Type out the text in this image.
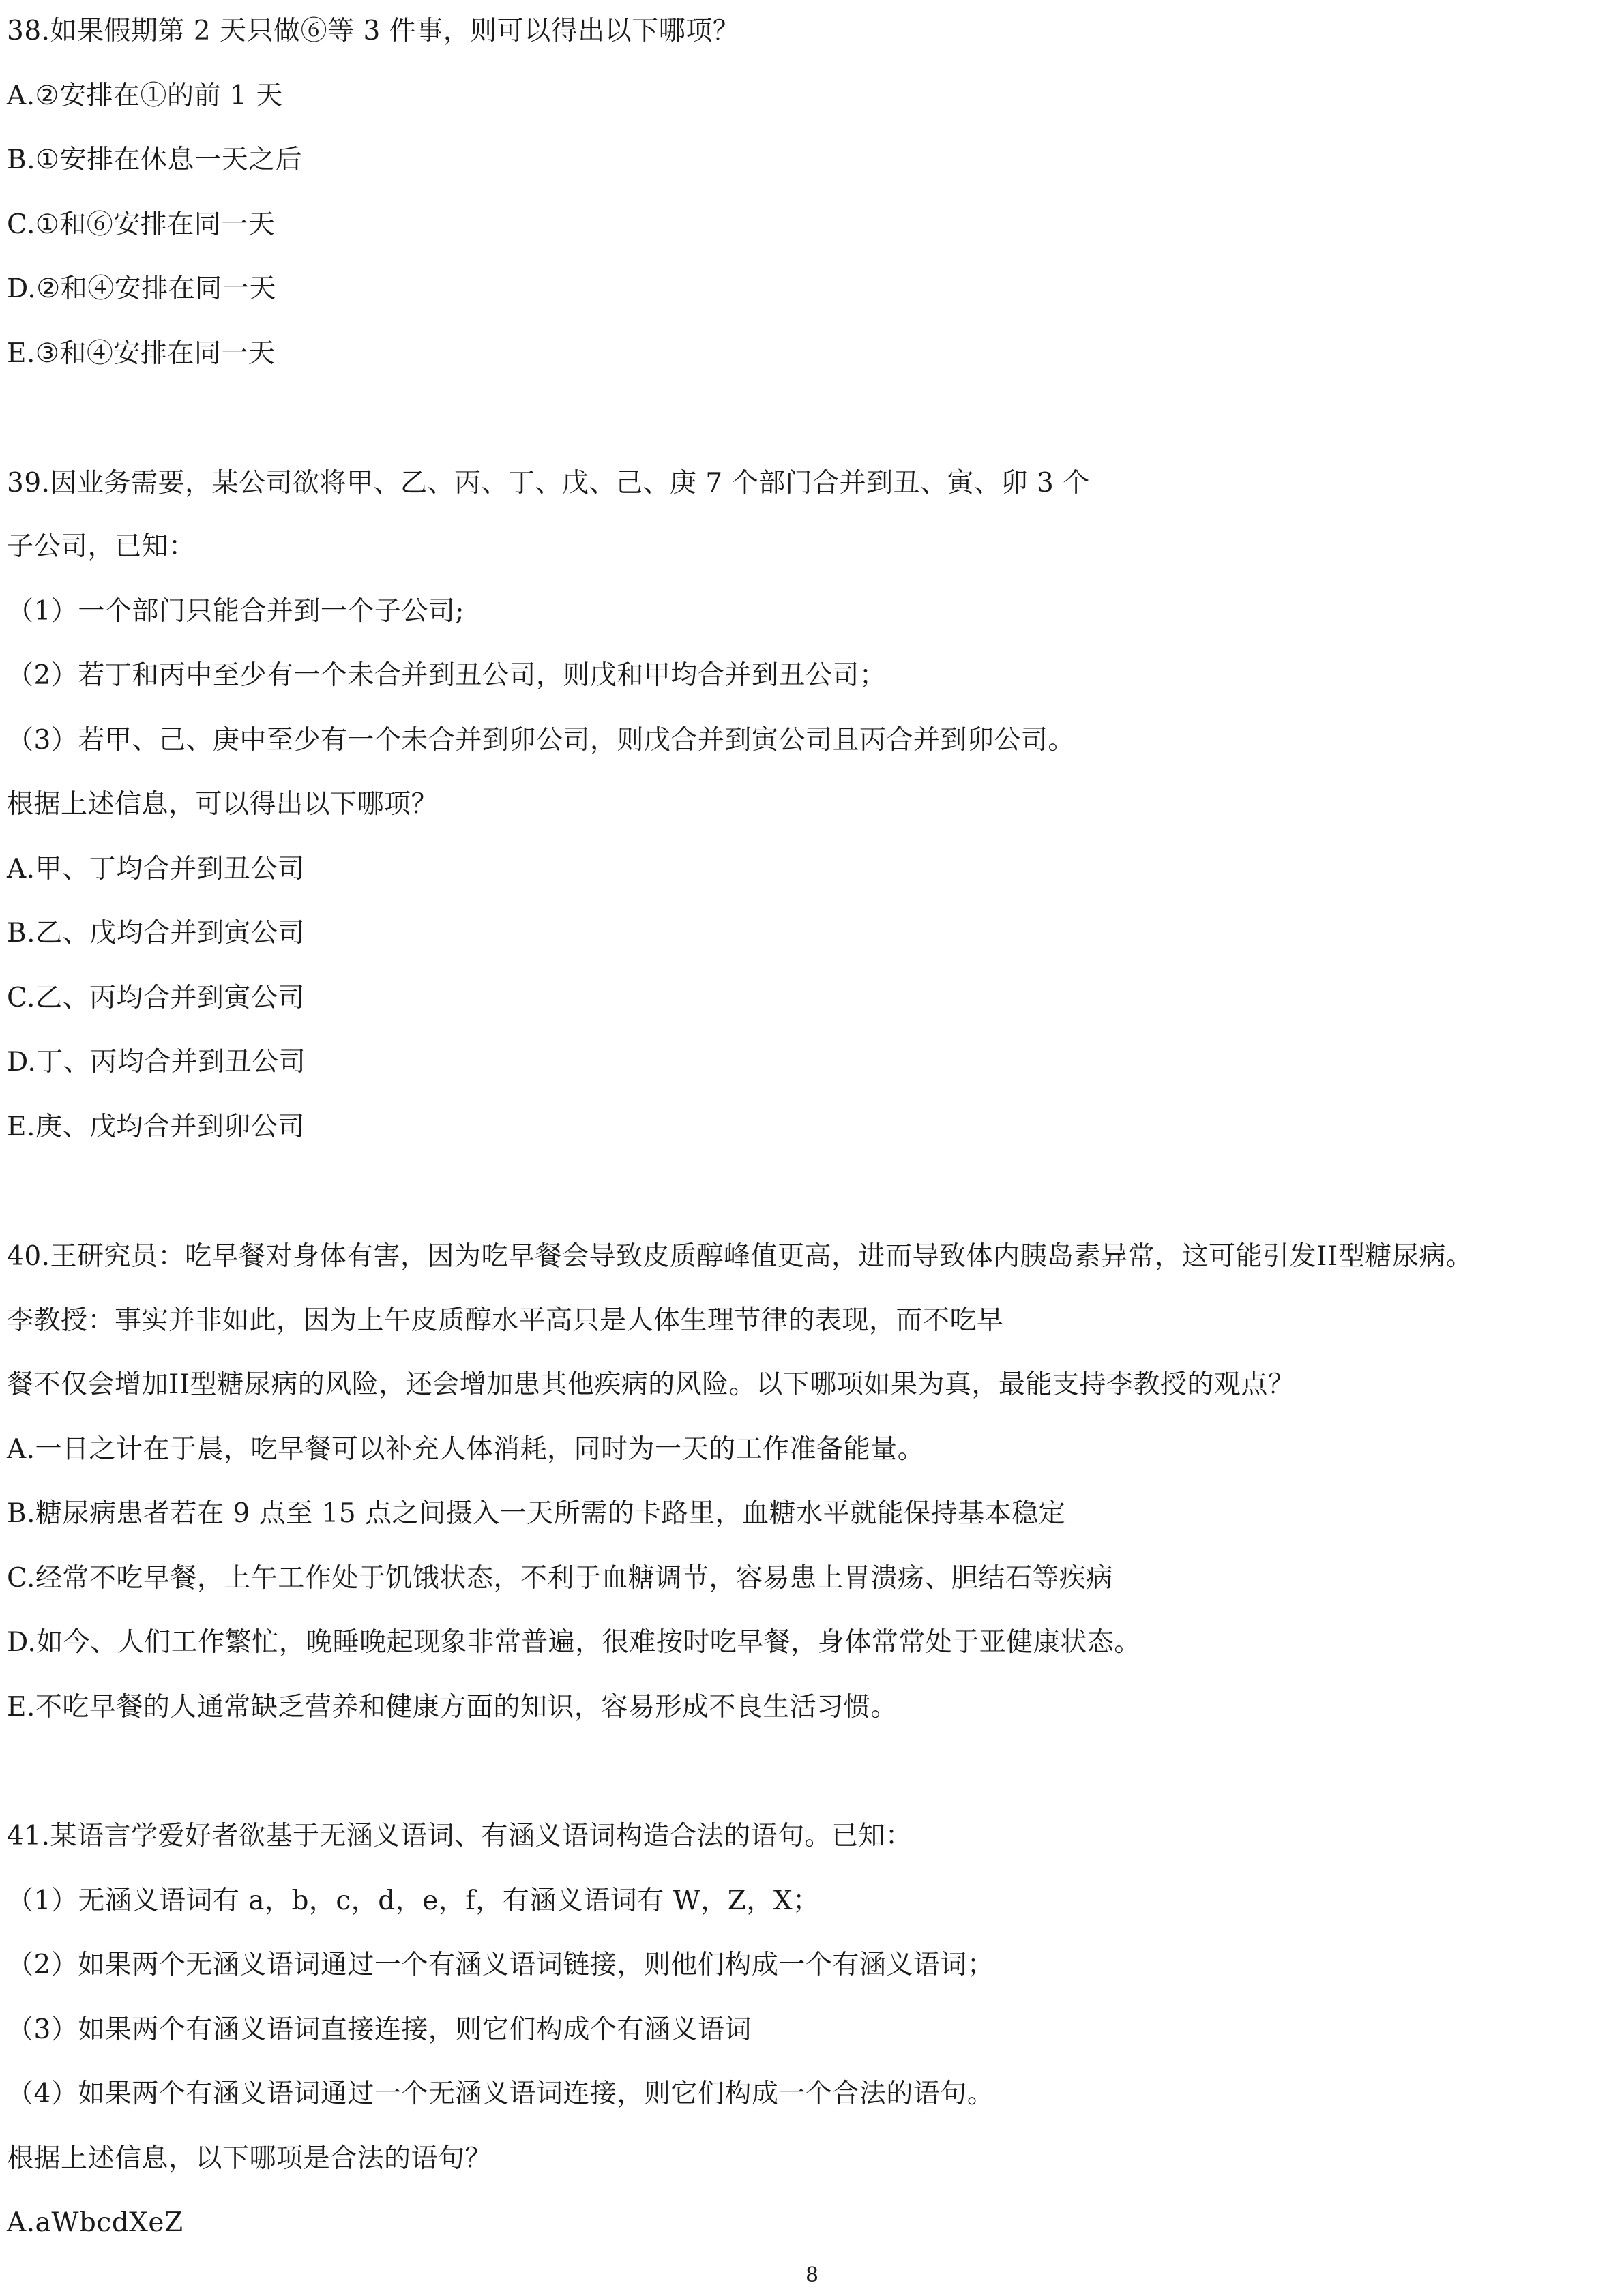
38.如果假期第 2 天只做⑥等 3 件事，则可以得出以下哪项？
A.②安排在①的前 1 天
B.①安排在休息一天之后
C.①和⑥安排在同一天
D.②和④安排在同一天
E.③和④安排在同一天
39.因业务需要，某公司欲将甲、乙、丙、丁、戊、己、庚 7 个部门合并到丑、寅、卯 3 个
子公司，已知：
（1）一个部门只能合并到一个子公司;
（2）若丁和丙中至少有一个未合并到丑公司，则戊和甲均合并到丑公司；
（3）若甲、己、庚中至少有一个未合并到卯公司，则戊合并到寅公司且丙合并到卯公司。
根据上述信息，可以得出以下哪项？
A.甲、丁均合并到丑公司
B.乙、戊均合并到寅公司
C.乙、丙均合并到寅公司
D.丁、丙均合并到丑公司
E.庚、戊均合并到卯公司
40.王研究员：吃早餐对身体有害，因为吃早餐会导致皮质醇峰值更高，进而导致体内胰岛素异常，这可能引发II型糖尿病。
李教授：事实并非如此，因为上午皮质醇水平高只是人体生理节律的表现，而不吃早
餐不仅会增加II型糖尿病的风险，还会增加患其他疾病的风险。以下哪项如果为真，最能支持李教授的观点？
A.一日之计在于晨，吃早餐可以补充人体消耗，同时为一天的工作准备能量。
B.糖尿病患者若在 9 点至 15 点之间摄入一天所需的卡路里，血糖水平就能保持基本稳定
C.经常不吃早餐，上午工作处于饥饿状态，不利于血糖调节，容易患上胃溃疡、胆结石等疾病
D.如今、人们工作繁忙，晚睡晚起现象非常普遍，很难按时吃早餐，身体常常处于亚健康状态。
E.不吃早餐的人通常缺乏营养和健康方面的知识，容易形成不良生活习惯。
41.某语言学爱好者欲基于无涵义语词、有涵义语词构造合法的语句。已知：
（1）无涵义语词有 a，b，c，d，e，f，有涵义语词有 W，Z，X；
（2）如果两个无涵义语词通过一个有涵义语词链接，则他们构成一个有涵义语词；
（3）如果两个有涵义语词直接连接，则它们构成个有涵义语词
（4）如果两个有涵义语词通过一个无涵义语词连接，则它们构成一个合法的语句。
根据上述信息，以下哪项是合法的语句？
A.aWbcdXeZ
8
